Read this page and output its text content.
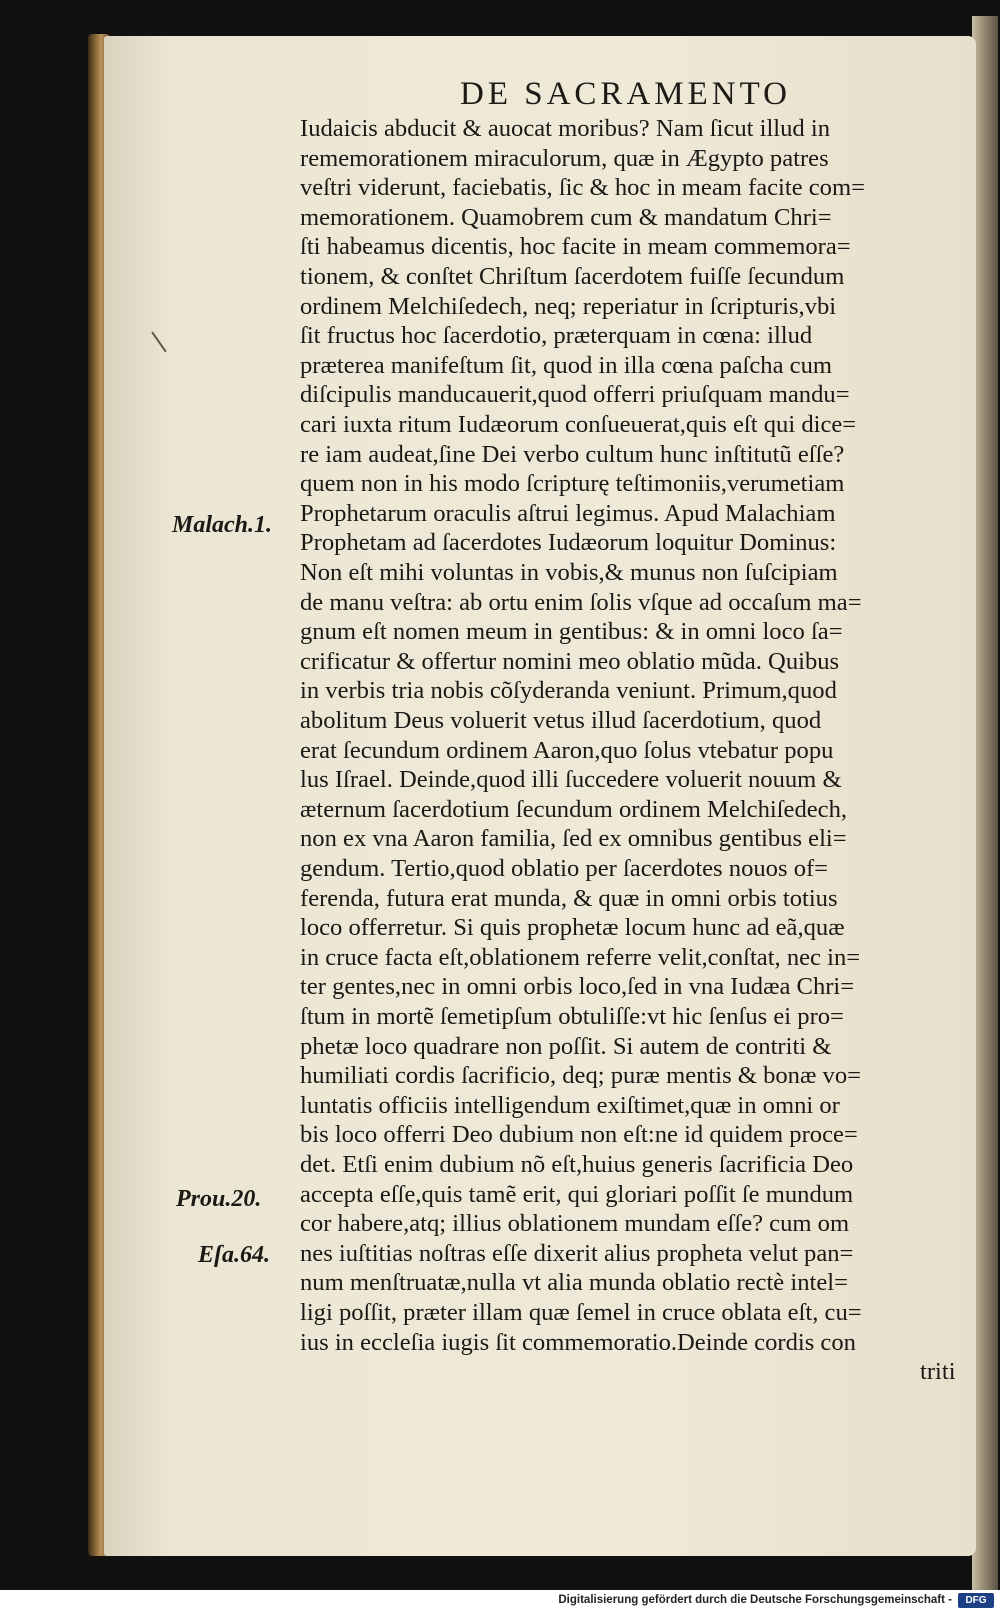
DE SACRAMENTO
Iudaicis abducit & auocat moribus? Nam ſicut illud in
rememorationem miraculorum, quæ in Ægypto patres
veſtri viderunt, faciebatis, ſic & hoc in meam facite com=
memorationem. Quamobrem cum & mandatum Chri=
ſti habeamus dicentis, hoc facite in meam commemora=
tionem, & conſtet Chriſtum ſacerdotem fuiſſe ſecundum
ordinem Melchiſedech, neq; reperiatur in ſcripturis,vbi
ſit fructus hoc ſacerdotio, præterquam in cœna: illud
præterea manifeſtum ſit, quod in illa cœna paſcha cum
diſcipulis manducauerit,quod offerri priuſquam mandu=
cari iuxta ritum Iudæorum conſueuerat,quis eſt qui dice=
re iam audeat,ſine Dei verbo cultum hunc inſtitutũ eſſe?
quem non in his modo ſcripturę teſtimoniis,verumetiam
Prophetarum oraculis aſtrui legimus. Apud Malachiam
Prophetam ad ſacerdotes Iudæorum loquitur Dominus:
Non eſt mihi voluntas in vobis,& munus non ſuſcipiam
de manu veſtra: ab ortu enim ſolis vſque ad occaſum ma=
gnum eſt nomen meum in gentibus: & in omni loco ſa=
crificatur & offertur nomini meo oblatio mũda. Quibus
in verbis tria nobis cõſyderanda veniunt. Primum,quod
abolitum Deus voluerit vetus illud ſacerdotium, quod
erat ſecundum ordinem Aaron,quo ſolus vtebatur popu
lus Iſrael. Deinde,quod illi ſuccedere voluerit nouum &
æternum ſacerdotium ſecundum ordinem Melchiſedech,
non ex vna Aaron familia, ſed ex omnibus gentibus eli=
gendum. Tertio,quod oblatio per ſacerdotes nouos of=
ferenda, futura erat munda, & quæ in omni orbis totius
loco offerretur. Si quis prophetæ locum hunc ad eã,quæ
in cruce facta eſt,oblationem referre velit,conſtat, nec in=
ter gentes,nec in omni orbis loco,ſed in vna Iudæa Chri=
ſtum in mortẽ ſemetipſum obtuliſſe:vt hic ſenſus ei pro=
phetæ loco quadrare non poſſit. Si autem de contriti &
humiliati cordis ſacrificio, deq; puræ mentis & bonæ vo=
luntatis officiis intelligendum exiſtimet,quæ in omni or
bis loco offerri Deo dubium non eſt:ne id quidem proce=
det. Etſi enim dubium nõ eſt,huius generis ſacrificia Deo
accepta eſſe,quis tamẽ erit, qui gloriari poſſit ſe mundum
cor habere,atq; illius oblationem mundam eſſe? cum om
nes iuſtitias noſtras eſſe dixerit alius propheta velut pan=
num menſtruatæ,nulla vt alia munda oblatio rectè intel=
ligi poſſit, præter illam quæ ſemel in cruce oblata eſt, cu=
ius in eccleſia iugis ſit commemoratio.Deinde cordis con
triti
Malach.1.
Prou.20.
Eſa.64.
Digitalisierung gefördert durch die Deutsche Forschungsgemeinschaft -	DFG
